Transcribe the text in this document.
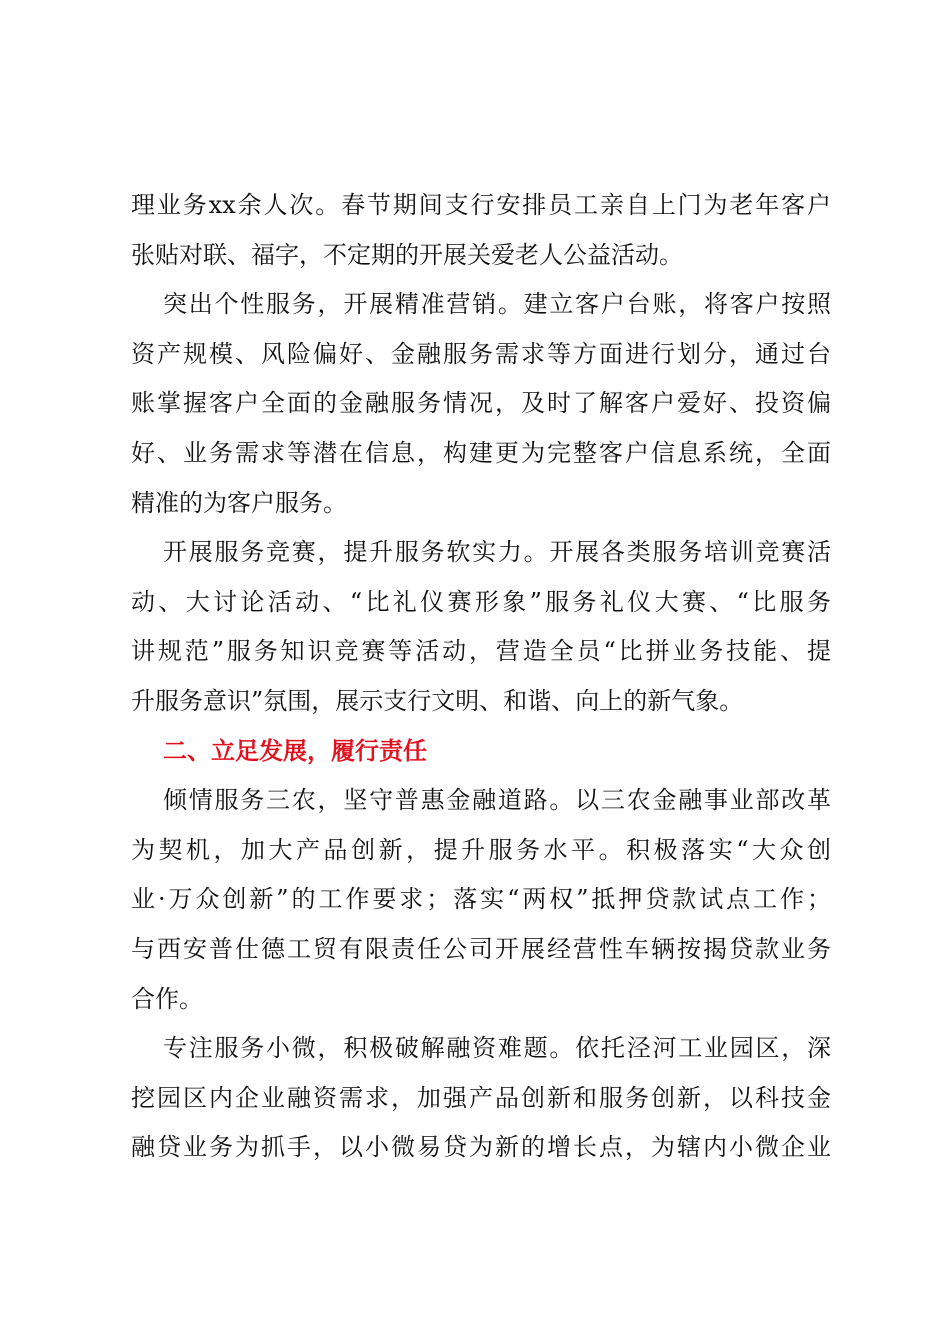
理业务xx余人次。春节期间支行安排员工亲自上门为老年客户
张贴对联、福字，不定期的开展关爱老人公益活动。
突出个性服务，开展精准营销。建立客户台账，将客户按照
资产规模、风险偏好、金融服务需求等方面进行划分，通过台
账掌握客户全面的金融服务情况，及时了解客户爱好、投资偏
好、业务需求等潜在信息，构建更为完整客户信息系统，全面
精准的为客户服务。
开展服务竞赛，提升服务软实力。开展各类服务培训竞赛活
动、大讨论活动、“比礼仪赛形象”服务礼仪大赛、“比服务
讲规范”服务知识竞赛等活动，营造全员“比拼业务技能、提
升服务意识”氛围，展示支行文明、和谐、向上的新气象。
二、立足发展，履行责任
倾情服务三农，坚守普惠金融道路。以三农金融事业部改革
为契机，加大产品创新，提升服务水平。积极落实“大众创
业·万众创新”的工作要求；落实“两权”抵押贷款试点工作；
与西安普仕德工贸有限责任公司开展经营性车辆按揭贷款业务
合作。
专注服务小微，积极破解融资难题。依托泾河工业园区，深
挖园区内企业融资需求，加强产品创新和服务创新，以科技金
融贷业务为抓手，以小微易贷为新的增长点，为辖内小微企业
